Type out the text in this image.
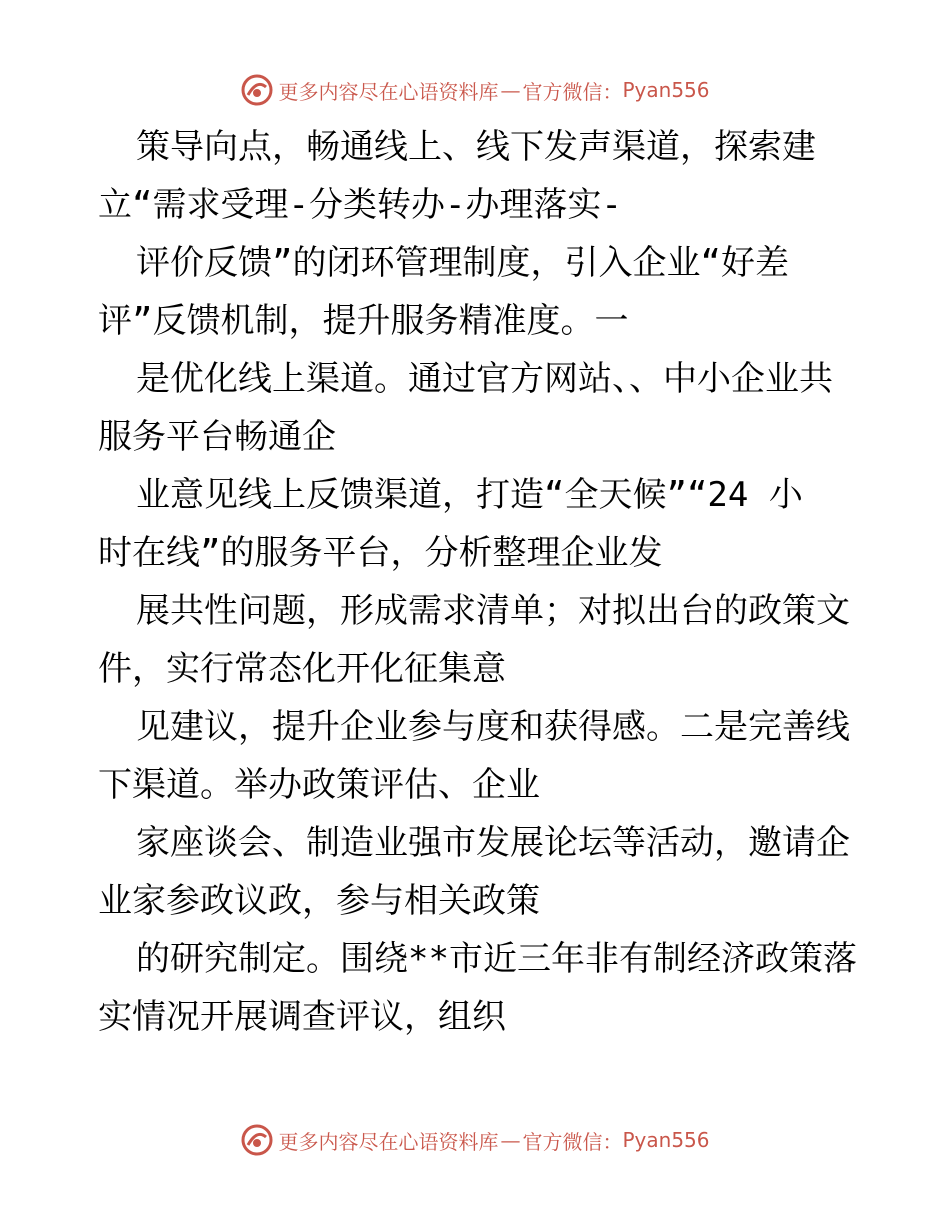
更多内容尽在心语资料库 — 官方微信： Pyan556

策导向点，畅通线上、线下发声渠道，探索建
立“需求受理-分类转办-办理落实-

评价反馈”的闭环管理制度，引入企业“好差
评”反馈机制，提升服务精准度。一

是优化线上渠道。通过官方网站、、中小企业共
服务平台畅通企

业意见线上反馈渠道，打造“全天候”“24 小
时在线”的服务平台，分析整理企业发

展共性问题，形成需求清单；对拟出台的政策文
件，实行常态化开化征集意

见建议，提升企业参与度和获得感。二是完善线
下渠道。举办政策评估、企业

家座谈会、制造业强市发展论坛等活动，邀请企
业家参政议政，参与相关政策

的研究制定。围绕**市近三年非有制经济政策落
实情况开展调查评议，组织

更多内容尽在心语资料库 — 官方微信： Pyan556
